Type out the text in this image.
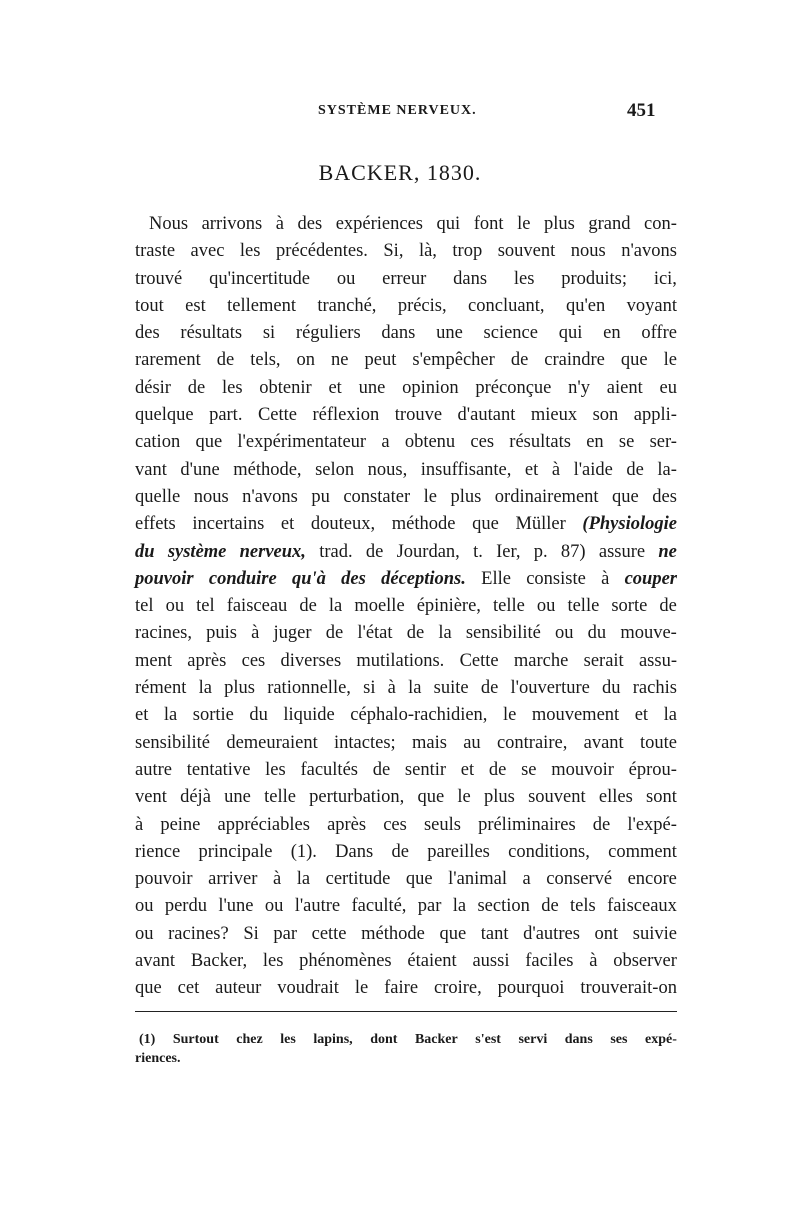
SYSTÈME NERVEUX.	451
BACKER, 1830.
Nous arrivons à des expériences qui font le plus grand con-
traste avec les précédentes. Si, là, trop souvent nous n'avons
trouvé qu'incertitude ou erreur dans les produits; ici,
tout est tellement tranché, précis, concluant, qu'en voyant
des résultats si réguliers dans une science qui en offre
rarement de tels, on ne peut s'empêcher de craindre que le
désir de les obtenir et une opinion préconçue n'y aient eu
quelque part. Cette réflexion trouve d'autant mieux son appli-
cation que l'expérimentateur a obtenu ces résultats en se ser-
vant d'une méthode, selon nous, insuffisante, et à l'aide de la-
quelle nous n'avons pu constater le plus ordinairement que des
effets incertains et douteux, méthode que Müller (Physiologie
du système nerveux, trad. de Jourdan, t. Ier, p. 87) assure ne
pouvoir conduire qu'à des déceptions. Elle consiste à couper
tel ou tel faisceau de la moelle épinière, telle ou telle sorte de
racines, puis à juger de l'état de la sensibilité ou du mouve-
ment après ces diverses mutilations. Cette marche serait assu-
rément la plus rationnelle, si à la suite de l'ouverture du rachis
et la sortie du liquide céphalo-rachidien, le mouvement et la
sensibilité demeuraient intactes; mais au contraire, avant toute
autre tentative les facultés de sentir et de se mouvoir éprou-
vent déjà une telle perturbation, que le plus souvent elles sont
à peine appréciables après ces seuls préliminaires de l'expé-
rience principale (1). Dans de pareilles conditions, comment
pouvoir arriver à la certitude que l'animal a conservé encore
ou perdu l'une ou l'autre faculté, par la section de tels faisceaux
ou racines? Si par cette méthode que tant d'autres ont suivie
avant Backer, les phénomènes étaient aussi faciles à observer
que cet auteur voudrait le faire croire, pourquoi trouverait-on
(1) Surtout chez les lapins, dont Backer s'est servi dans ses expé-
riences.
